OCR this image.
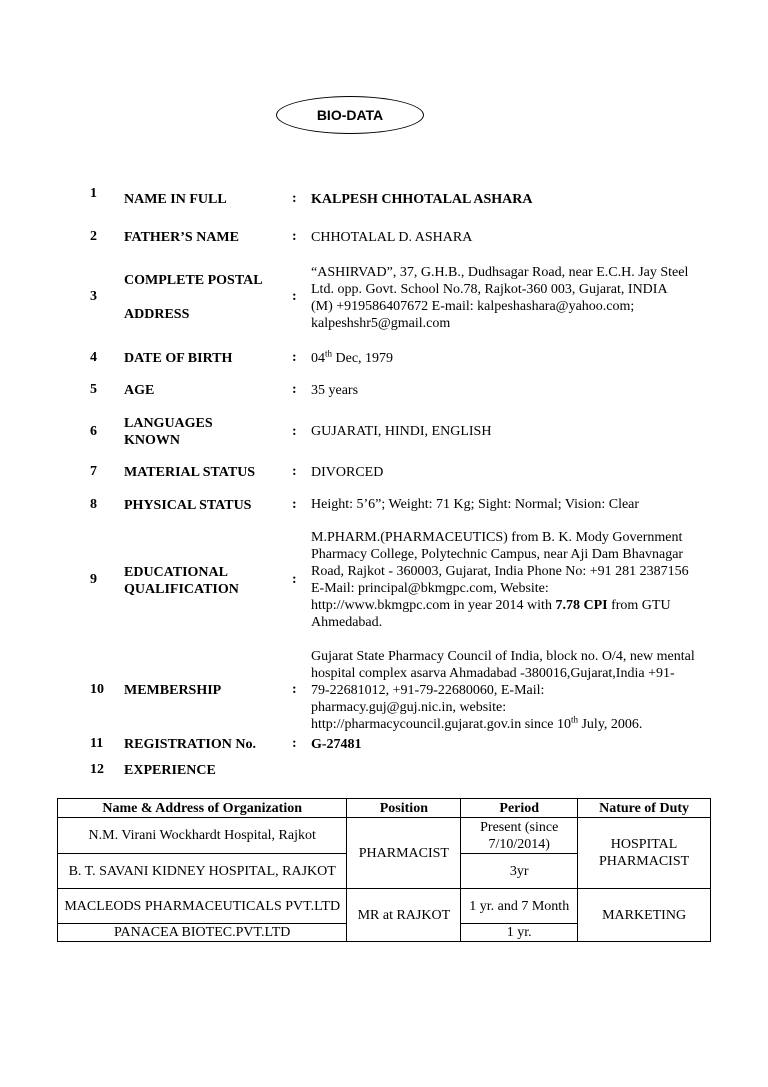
BIO-DATA
1 NAME IN FULL	: KALPESH CHHOTALAL ASHARA
2 FATHER’S NAME	: CHHOTALAL D. ASHARA
3
COMPLETE POSTAL
ADDRESS
:
“ASHIRVAD”, 37, G.H.B., Dudhsagar Road, near E.C.H. Jay Steel
Ltd. opp. Govt. School No.78, Rajkot-360 003, Gujarat, INDIA
(M) +919586407672 E-mail: kalpeshashara@yahoo.com;
kalpeshshr5@gmail.com
4 DATE OF BIRTH	: 04th Dec, 1979
5 AGE	: 35 years
6
LANGUAGES
KNOWN
: GUJARATI, HINDI, ENGLISH
7 MATERIAL STATUS	: DIVORCED
8 PHYSICAL STATUS	: Height: 5’6”; Weight: 71 Kg; Sight: Normal; Vision: Clear
9 EDUCATIONAL
QUALIFICATION
:
M.PHARM.(PHARMACEUTICS) from B. K. Mody Government
Pharmacy College, Polytechnic Campus, near Aji Dam Bhavnagar
Road, Rajkot - 360003, Gujarat, India Phone No: +91 281 2387156
E-Mail: principal@bkmgpc.com, Website:
http://www.bkmgpc.com in year 2014 with 7.78 CPI from GTU
Ahmedabad.
10 MEMBERSHIP	:
Gujarat State Pharmacy Council of India, block no. O/4, new mental
hospital complex asarva Ahmadabad -380016,Gujarat,India +91-
79-22681012, +91-79-22680060, E-Mail:
pharmacy.guj@guj.nic.in, website:
http://pharmacycouncil.gujarat.gov.in since 10th July, 2006.
11 REGISTRATION No.	: G-27481
12 EXPERIENCE
Name & Address of Organization	Position	Period	Nature of Duty
N.M. Virani Wockhardt Hospital, Rajkot	PHARMACIST	Present (since 7/10/2014)	HOSPITAL PHARMACIST
B. T. SAVANI KIDNEY HOSPITAL, RAJKOT		3yr	
MACLEODS PHARMACEUTICALS PVT.LTD	MR at RAJKOT	1 yr. and 7 Month	MARKETING
PANACEA BIOTEC.PVT.LTD		1 yr.	
